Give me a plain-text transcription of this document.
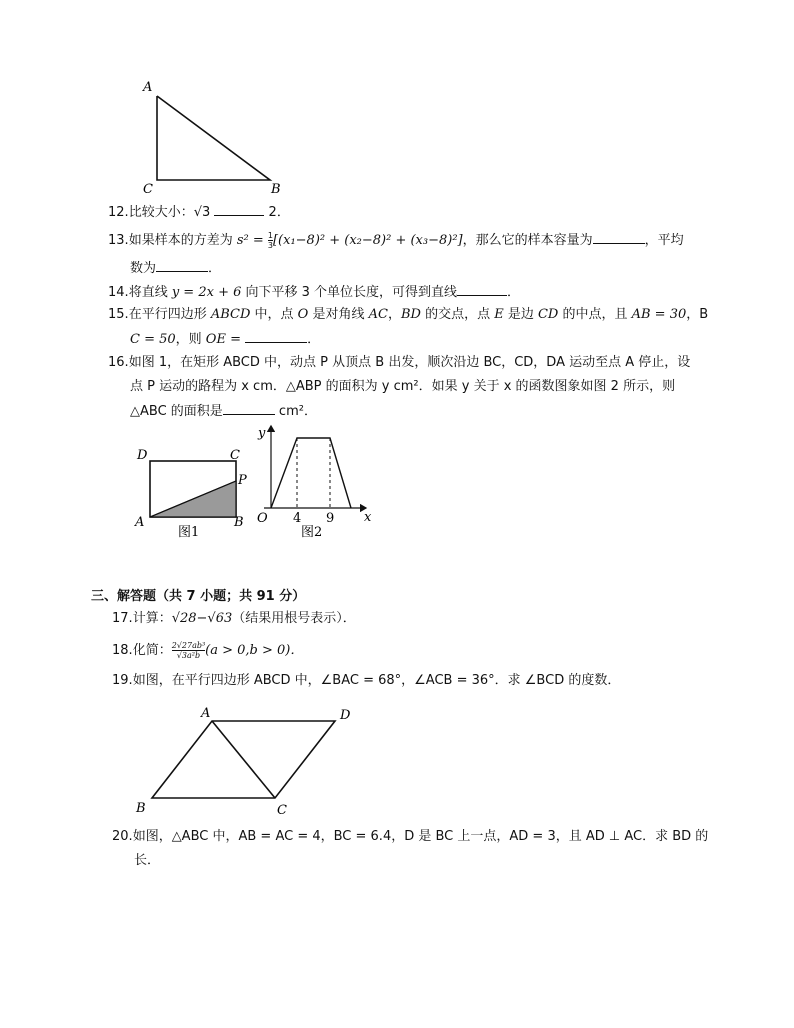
A
C	B
12.比较大小：√3	2．
13.如果样本的方差为 $s^2 = \frac{1}{3} [(x_1-8)^2 + (x_2-8)^2 + (x_3-8)^2]$，那么它的样本容量为	，平均
数为	．
14.将直线 y = 2x + 6 向下平移 3 个单位长度，可得到直线	．
15.在平行四边形 ABCD 中，点 O 是对角线 AC，BD 的交点，点 E 是边 CD 的中点，且 AB = 30，B
C = 50，则 OE =	．
16.如图 1，在矩形 ABCD 中，动点 P 从顶点 B 出发，顺次沿边 BC，CD，DA 运动至点 A 停止，设
点 P 运动的路程为 x cm．△ABP 的面积为 y cm²．如果 y 关于 x 的函数图象如图 2 所示，则
△ABC 的面积是	cm²．
D	C
P
A	B
图1
y
x
O 4 9
图2
三、解答题（共 7 小题；共 91 分）
17.计算：√28−√63（结果用根号表示）．
18.化简： $\frac{\text{2√27ab³}}{\text{√3a²b}} (a > 0,b > 0)$．
19.如图，在平行四边形 ABCD 中，∠BAC = 68°，∠ACB = 36°．求 ∠BCD 的度数．
A	D
B	C
20.如图，△ABC 中，AB = AC = 4，BC = 6.4，D 是 BC 上一点，AD = 3，且 AD ⊥ AC．求 BD 的
长．
